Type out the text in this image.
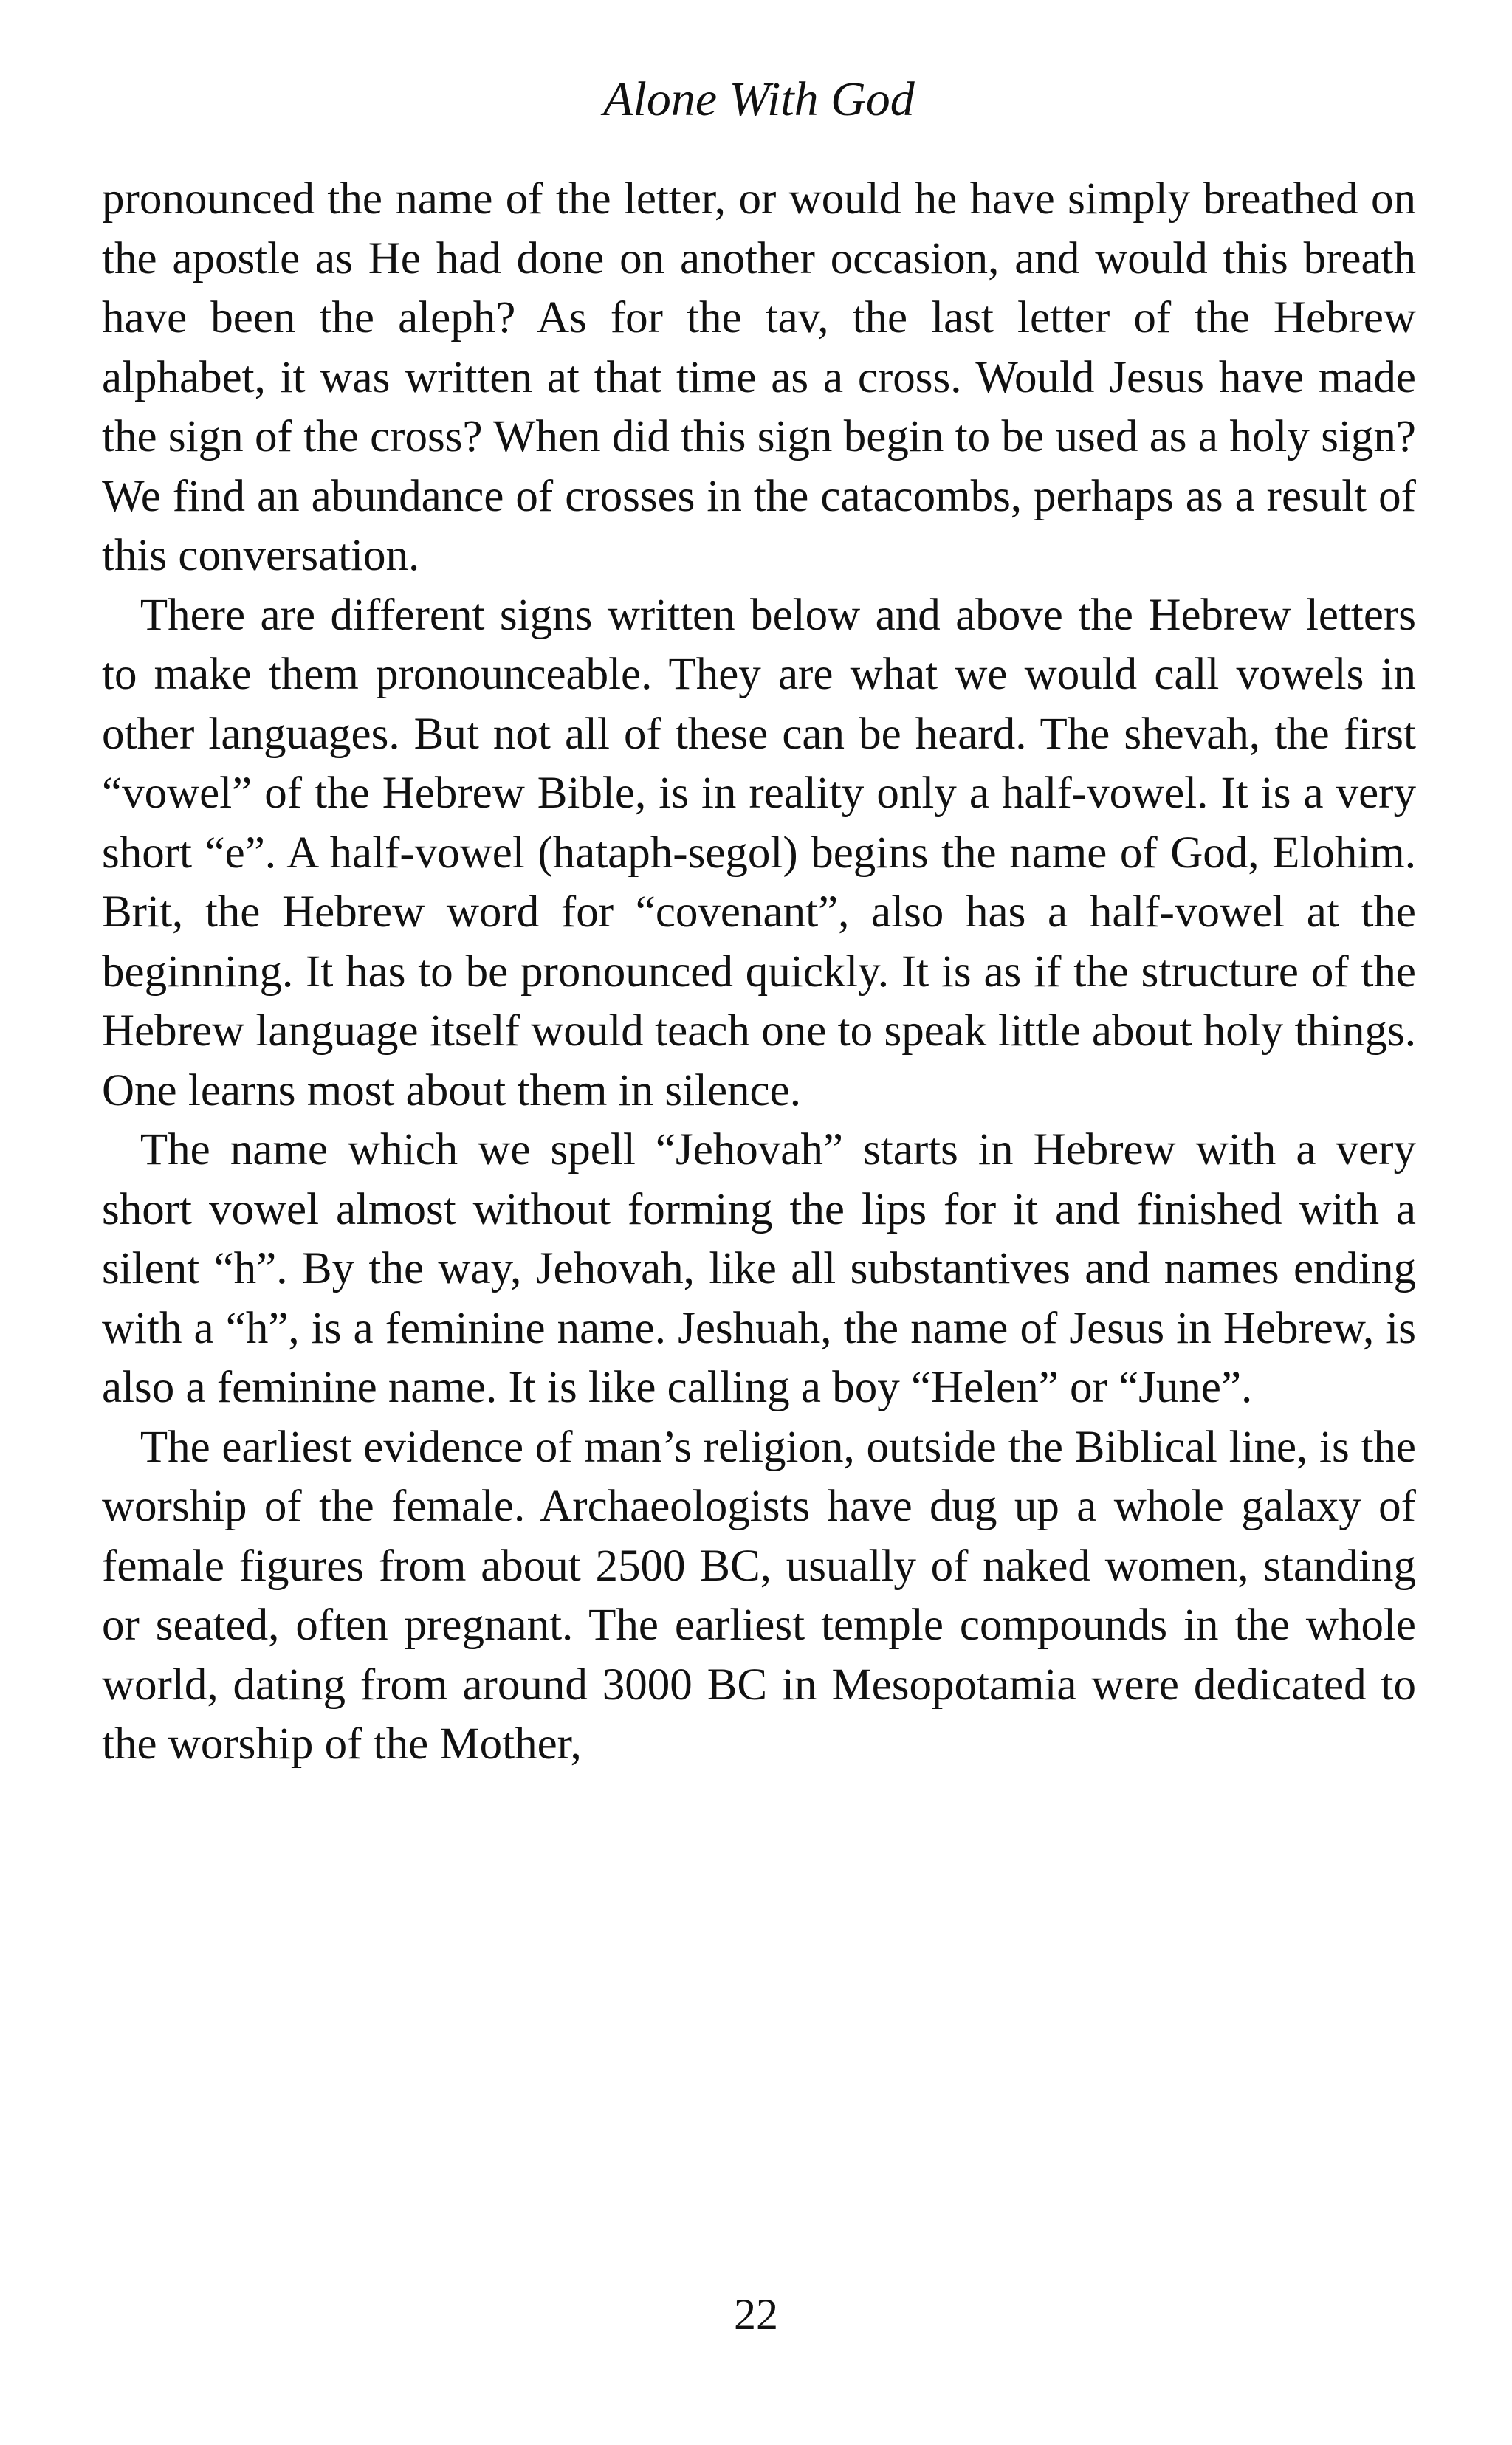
Alone With God

pronounced the name of the letter, or would he have simply breathed on the apostle as He had done on another occasion, and would this breath have been the aleph? As for the tav, the last letter of the Hebrew alphabet, it was written at that time as a cross. Would Jesus have made the sign of the cross? When did this sign begin to be used as a holy sign? We find an abundance of crosses in the catacombs, perhaps as a result of this conversation.

There are different signs written below and above the Hebrew letters to make them pronounceable. They are what we would call vowels in other languages. But not all of these can be heard. The shevah, the first “vowel” of the Hebrew Bible, is in reality only a half-vowel. It is a very short “e”. A half-vowel (hataph-segol) begins the name of God, Elohim. Brit, the Hebrew word for “covenant”, also has a half-vowel at the beginning. It has to be pronounced quickly. It is as if the structure of the Hebrew language itself would teach one to speak little about holy things. One learns most about them in silence.

The name which we spell “Jehovah” starts in Hebrew with a very short vowel almost without forming the lips for it and finished with a silent “h”. By the way, Jehovah, like all substantives and names ending with a “h”, is a feminine name. Jeshuah, the name of Jesus in Hebrew, is also a feminine name. It is like calling a boy “Helen” or “June”.

The earliest evidence of man’s religion, outside the Biblical line, is the worship of the female. Archaeologists have dug up a whole galaxy of female figures from about 2500 BC, usually of naked women, standing or seated, often pregnant. The earliest temple compounds in the whole world, dating from around 3000 BC in Mesopotamia were dedicated to the worship of the Mother,

22
